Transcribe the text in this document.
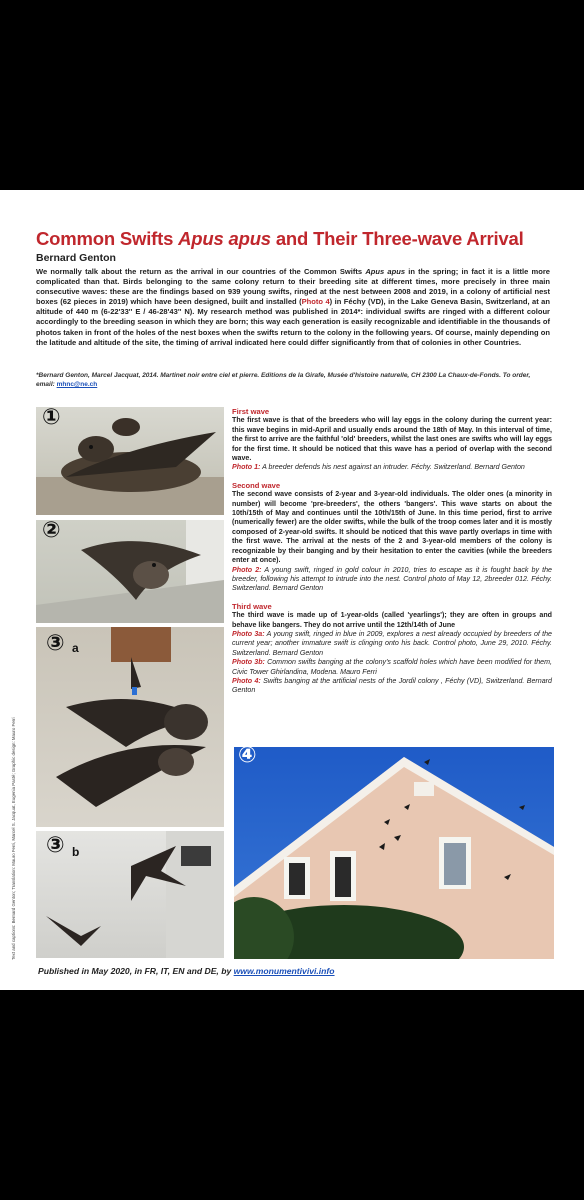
Common Swifts Apus apus and Their Three-wave Arrival
Bernard Genton
We normally talk about the return as the arrival in our countries of the Common Swifts Apus apus in the spring; in fact it is a little more complicated than that. Birds belonging to the same colony return to their breeding site at different times, more precisely in three main consecutive waves: these are the findings based on 939 young swifts, ringed at the nest between 2008 and 2019, in a colony of artificial nest boxes (62 pieces in 2019) which have been designed, built and installed (Photo 4) in Féchy (VD), in the Lake Geneva Basin, Switzerland, at an altitude of 440 m (6-22'33'' E / 46-28'43'' N). My research method was published in 2014*: individual swifts are ringed with a different colour accordingly to the breeding season in which they are born; this way each generation is easily recognizable and identifiable in the thousands of photos taken in front of the holes of the nest boxes when the swifts return to the colony in the following years. Of course, mainly depending on the latitude and altitude of the site, the timing of arrival indicated here could differ significantly from that of colonies in other Countries.
*Bernard Genton, Marcel Jacquat, 2014. Martinet noir entre ciel et pierre. Editions de la Girafe, Musée d'histoire naturelle, CH 2300 La Chaux-de-Fonds. To order, email: mhnc@ne.ch
①
②
③ a
③ b
④
Text and captions: Bernard Genton; Translation: Mauro Ferri, Marcel S. Jacquat, Eugenia Pastè; Graphic design: Mauro Ferri
First wave

The first wave is that of the breeders who will lay eggs in the colony during the current year: this wave begins in mid-April and usually ends around the 18th of May. In this interval of time, the first to arrive are the faithful 'old' breeders, whilst the last ones are swifts who will lay eggs for the first time. It should be noticed that this wave has a period of overlap with the second wave.

Photo 1: A breeder defends his nest against an intruder. Féchy. Switzerland. Bernard Genton

Second wave

The second wave consists of 2-year and 3-year-old individuals. The older ones (a minority in number) will become 'pre-breeders', the others 'bangers'. This wave starts on about the 10th/15th of May and continues until the 10th/15th of June. In this time period, first to arrive (numerically fewer) are the older swifts, while the bulk of the troop comes later and it is mostly composed of 2-year-old swifts. It should be noticed that this wave partly overlaps in time with the first wave. The arrival at the nests of the 2 and 3-year-old members of the colony is recognizable by their banging and by their hesitation to enter the cavities (while the breeders enter at once).

Photo 2: A young swift, ringed in gold colour in 2010, tries to escape as it is fought back by the breeder, following his attempt to intrude into the nest. Control photo of May 12, 2breeder 012. Féchy. Switzerland. Bernard Genton

Third wave

The third wave is made up of 1-year-olds (called 'yearlings'); they are often in groups and behave like bangers. They do not arrive until the 12th/14th of June

Photo 3a: A young swift, ringed in blue in 2009, explores a nest already occupied by breeders of the current year; another immature swift is clinging onto his back. Control photo, June 29, 2010. Féchy. Switzerland. Bernard Genton

Photo 3b: Common swifts banging at the colony's scaffold holes which have been modified for them, Civic Tower Ghirlandina, Modena. Mauro Ferri

Photo 4: Swifts banging at the artificial nests of the Jordil colony , Féchy (VD), Switzerland. Bernard Genton

Published in May 2020, in FR, IT, EN and DE, by www.monumentivivi.info
